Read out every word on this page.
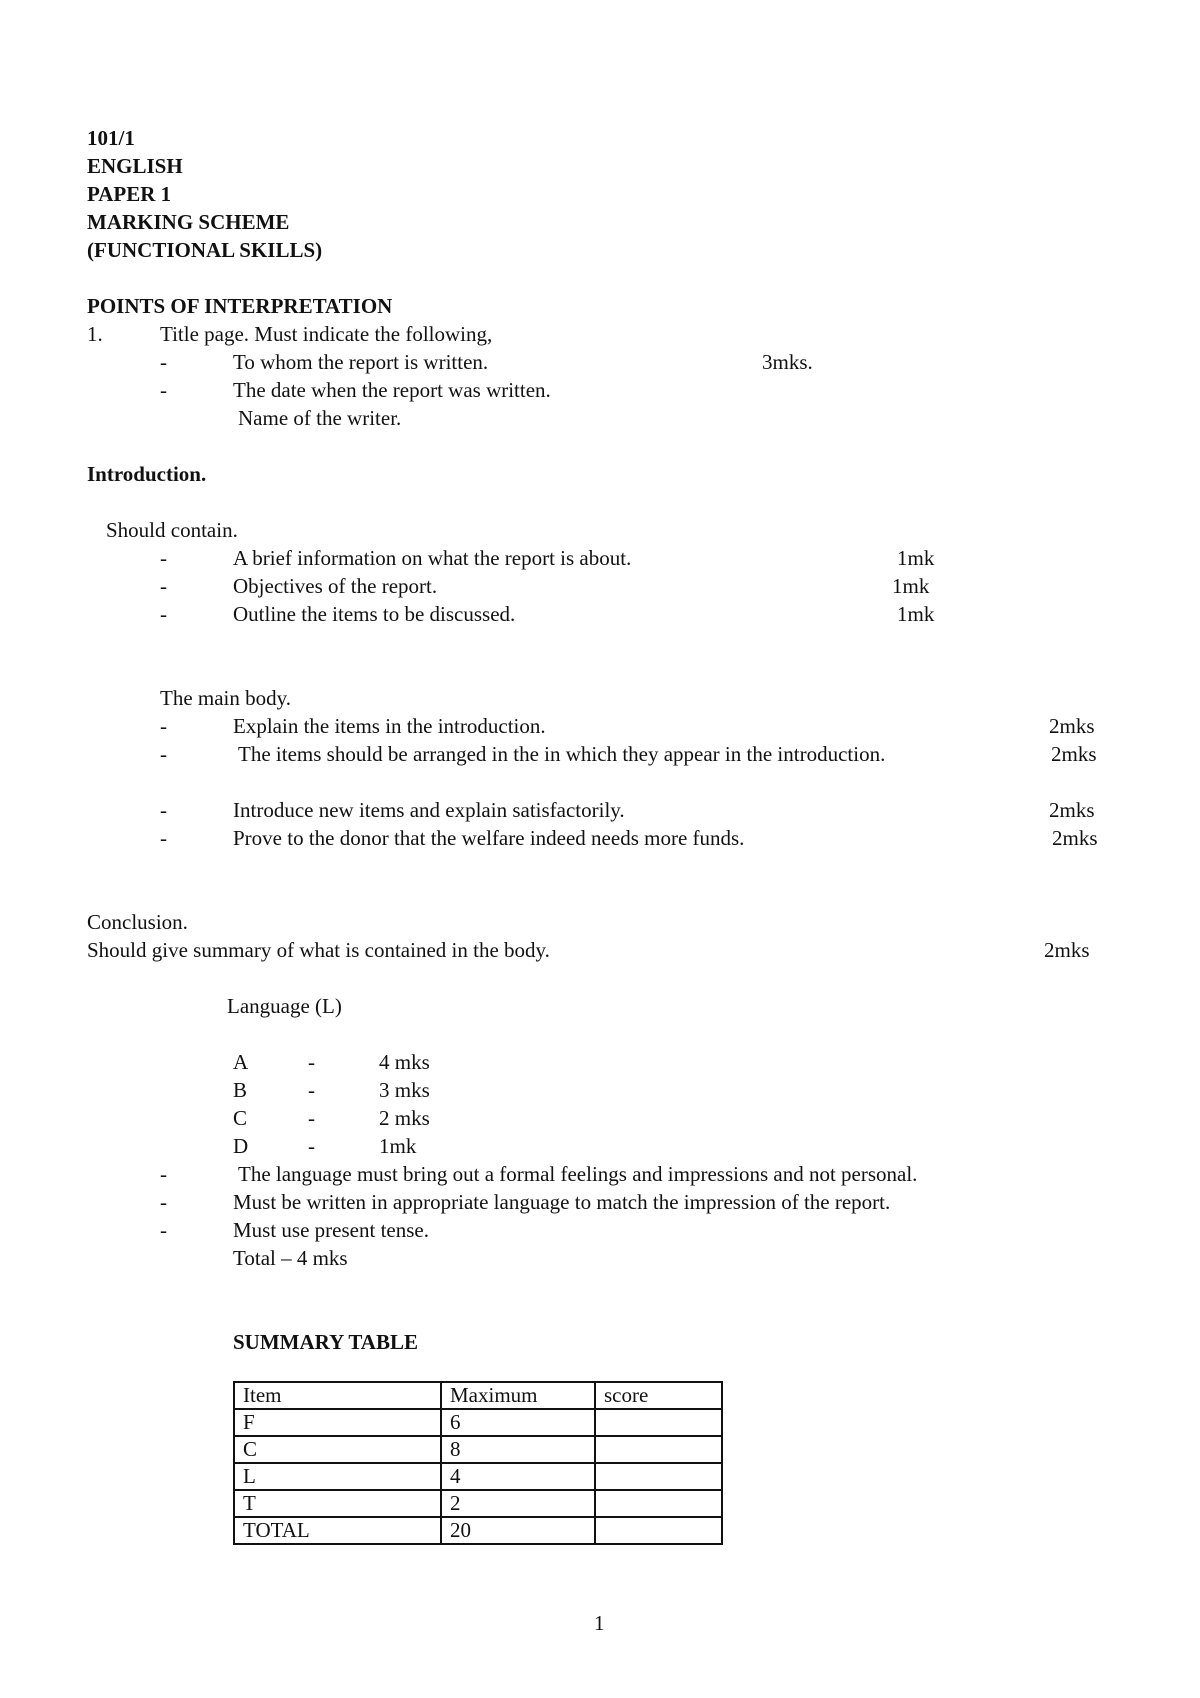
101/1
ENGLISH
PAPER 1
MARKING SCHEME
(FUNCTIONAL SKILLS)
POINTS OF INTERPRETATION
1.	Title page. Must indicate the following,
-	To whom the report is written.	3mks.
-	The date when the report was written.
Name of the writer.
Introduction.
Should contain.
-	A brief information on what the report is about.	1mk
-	Objectives of the report.	1mk
-	Outline the items to be discussed.	1mk
The main body.
-	Explain the items in the introduction.	2mks
-	The items should be arranged in the in which they appear in the introduction.	2mks
-	Introduce new items and explain satisfactorily.	2mks
-	Prove to the donor that the welfare indeed needs more funds.	2mks
Conclusion.
Should give summary of what is contained in the body.	2mks
Language (L)
A	-	4 mks
B	-	3 mks
C	-	2 mks
D	-	1mk
-	The language must bring out a formal feelings and impressions and not personal.
-	Must be written in appropriate language to match the impression of the report.
-	Must use present tense.
Total – 4 mks
SUMMARY TABLE
Item	Maximum	score
F	6	
C	8	
L	4	
T	2	
TOTAL	20	
1
